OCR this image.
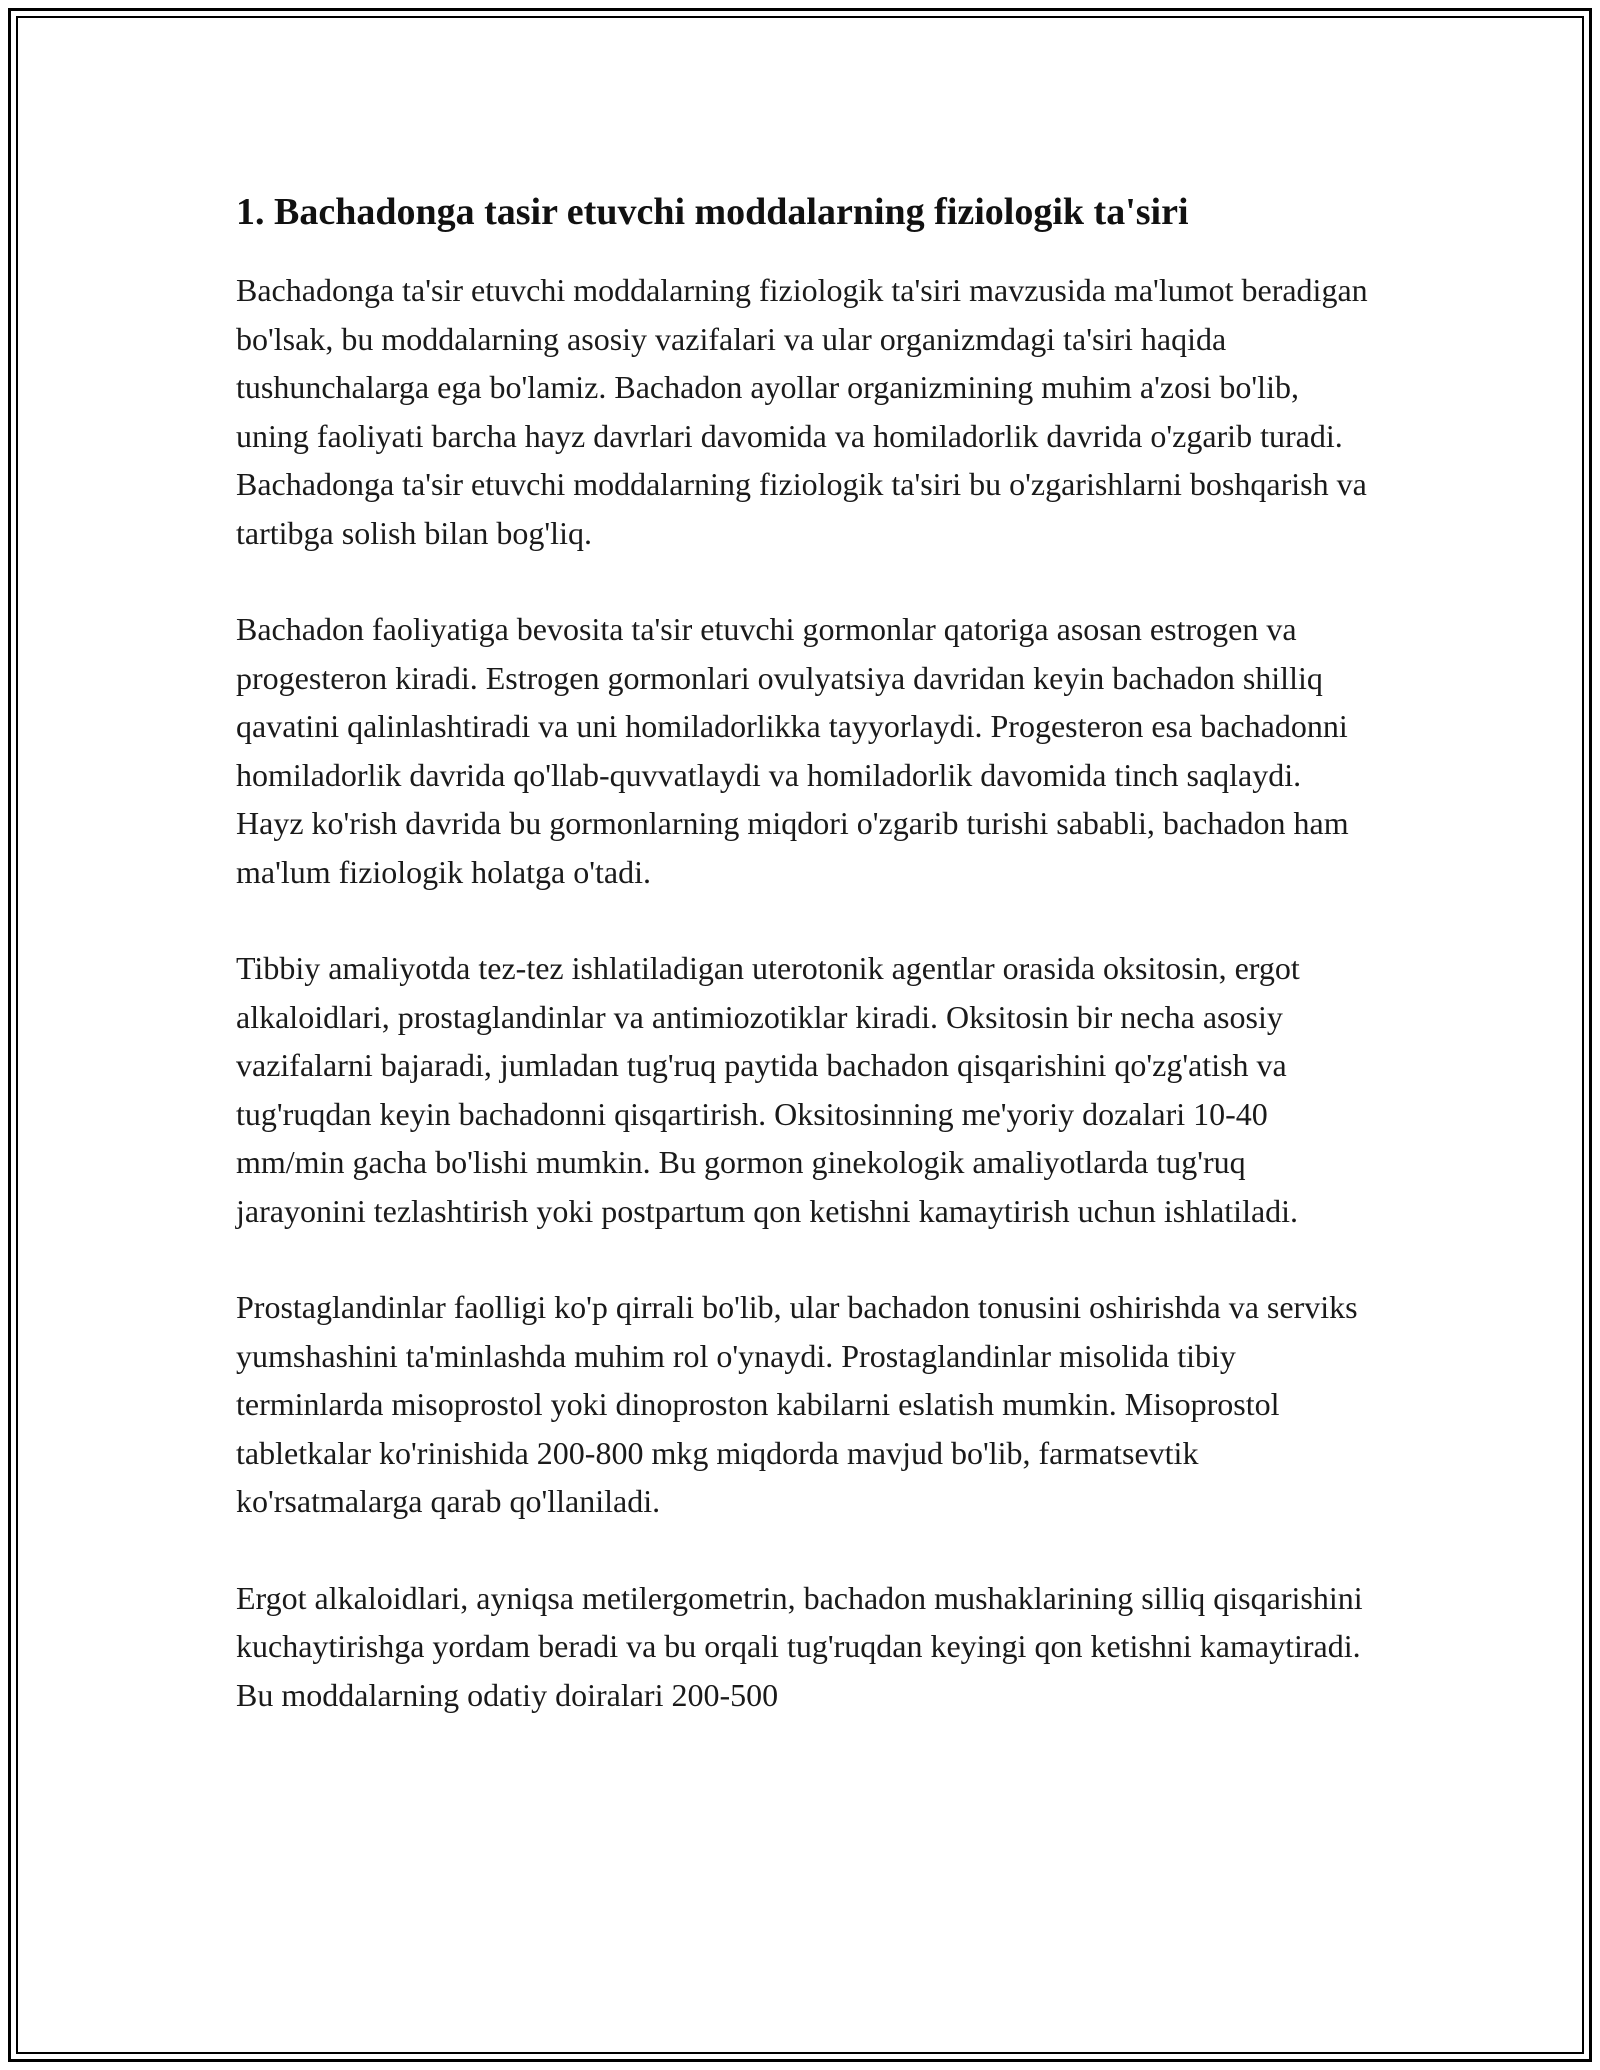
1. Bachadonga tasir etuvchi moddalarning fiziologik ta'siri

Bachadonga ta'sir etuvchi moddalarning fiziologik ta'siri mavzusida ma'lumot beradigan bo'lsak, bu moddalarning asosiy vazifalari va ular organizmdagi ta'siri haqida tushunchalarga ega bo'lamiz. Bachadon ayollar organizmining muhim a'zosi bo'lib, uning faoliyati barcha hayz davrlari davomida va homiladorlik davrida o'zgarib turadi. Bachadonga ta'sir etuvchi moddalarning fiziologik ta'siri bu o'zgarishlarni boshqarish va tartibga solish bilan bog'liq.

Bachadon faoliyatiga bevosita ta'sir etuvchi gormonlar qatoriga asosan estrogen va progesteron kiradi. Estrogen gormonlari ovulyatsiya davridan keyin bachadon shilliq qavatini qalinlashtiradi va uni homiladorlikka tayyorlaydi. Progesteron esa bachadonni homiladorlik davrida qo'llab-quvvatlaydi va homiladorlik davomida tinch saqlaydi. Hayz ko'rish davrida bu gormonlarning miqdori o'zgarib turishi sababli, bachadon ham ma'lum fiziologik holatga o'tadi.

Tibbiy amaliyotda tez-tez ishlatiladigan uterotonik agentlar orasida oksitosin, ergot alkaloidlari, prostaglandinlar va antimiozotiklar kiradi. Oksitosin bir necha asosiy vazifalarni bajaradi, jumladan tug'ruq paytida bachadon qisqarishini qo'zg'atish va tug'ruqdan keyin bachadonni qisqartirish. Oksitosinning me'yoriy dozalari 10-40 mm/min gacha bo'lishi mumkin. Bu gormon ginekologik amaliyotlarda tug'ruq jarayonini tezlashtirish yoki postpartum qon ketishni kamaytirish uchun ishlatiladi.

Prostaglandinlar faolligi ko'p qirrali bo'lib, ular bachadon tonusini oshirishda va serviks yumshashini ta'minlashda muhim rol o'ynaydi. Prostaglandinlar misolida tibiy terminlarda misoprostol yoki dinoproston kabilarni eslatish mumkin. Misoprostol tabletkalar ko'rinishida 200-800 mkg miqdorda mavjud bo'lib, farmatsevtik ko'rsatmalarga qarab qo'llaniladi.

Ergot alkaloidlari, ayniqsa metilergometrin, bachadon mushaklarining silliq qisqarishini kuchaytirishga yordam beradi va bu orqali tug'ruqdan keyingi qon ketishni kamaytiradi. Bu moddalarning odatiy doiralari 200-500
